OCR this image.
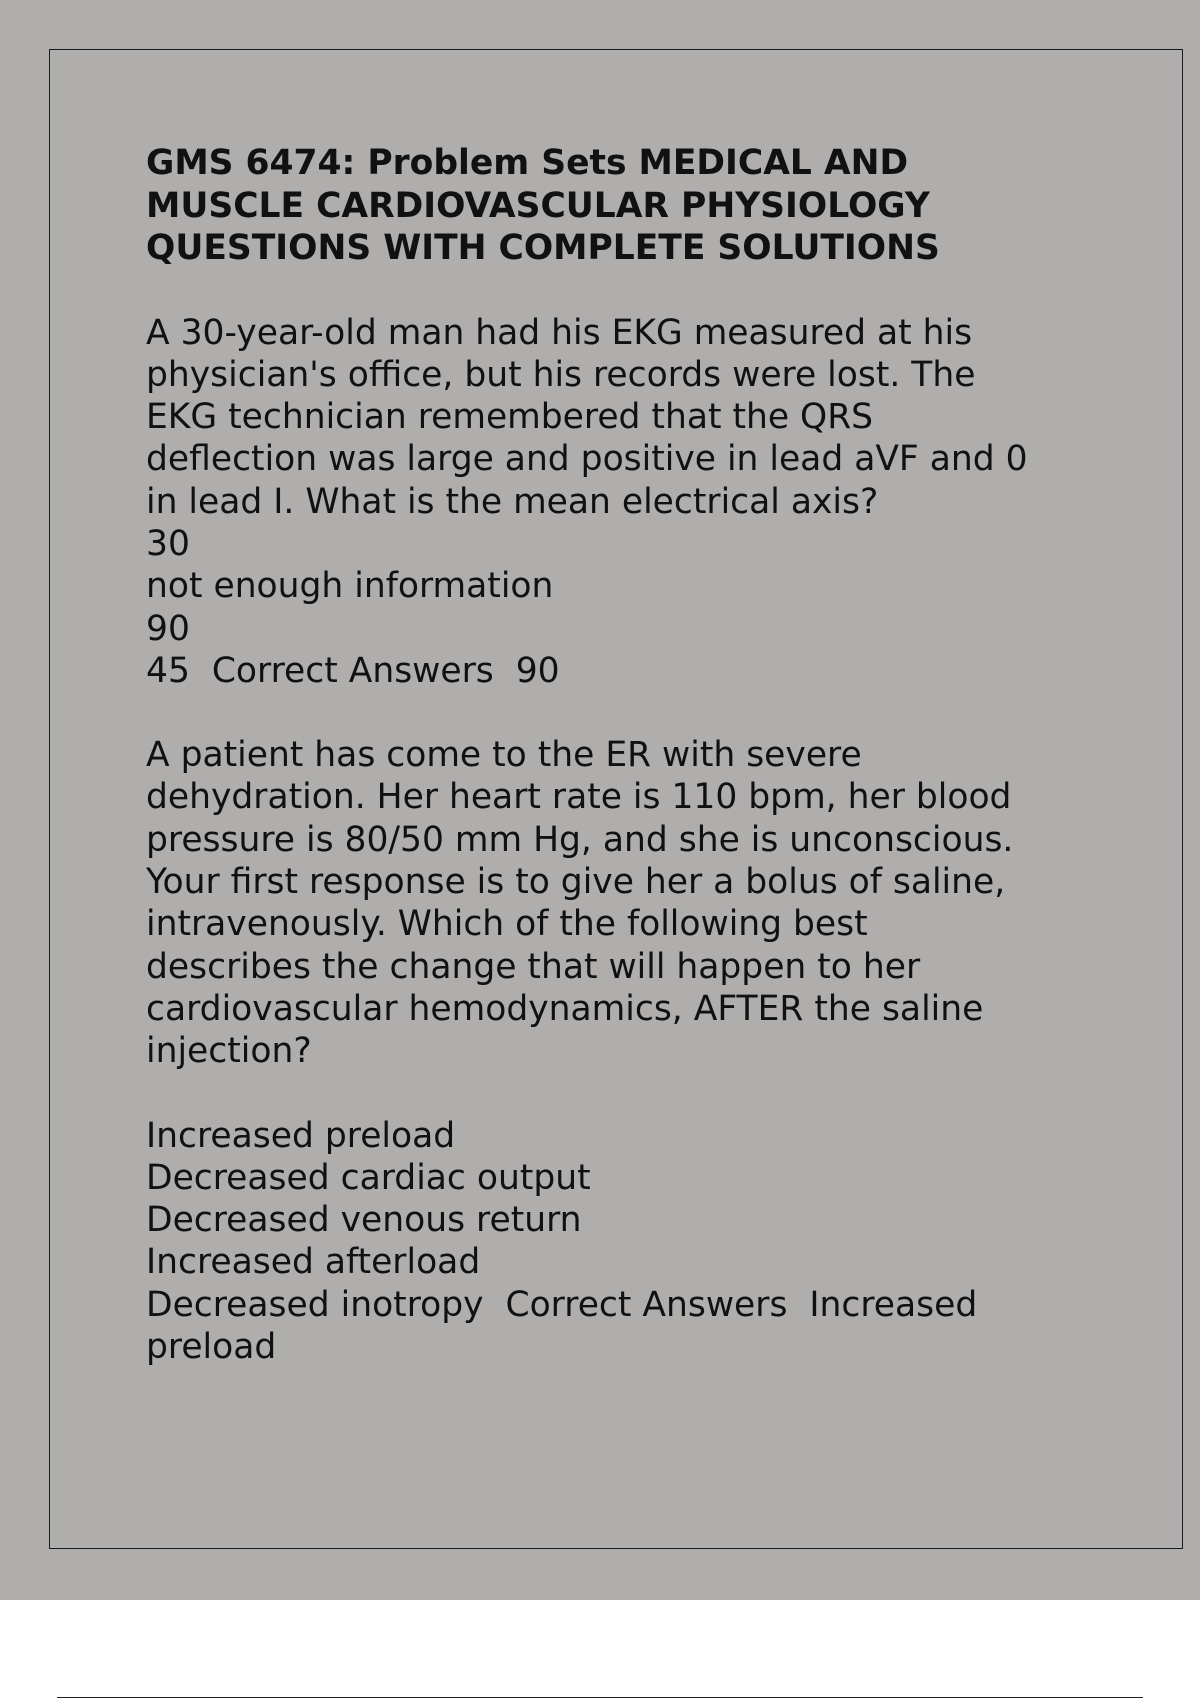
GMS 6474: Problem Sets MEDICAL AND
MUSCLE CARDIOVASCULAR PHYSIOLOGY
QUESTIONS WITH COMPLETE SOLUTIONS
A 30-year-old man had his EKG measured at his
physician's office, but his records were lost. The
EKG technician remembered that the QRS
deflection was large and positive in lead aVF and 0
in lead I. What is the mean electrical axis?
30
not enough information
90
45  Correct Answers  90
A patient has come to the ER with severe
dehydration. Her heart rate is 110 bpm, her blood
pressure is 80/50 mm Hg, and she is unconscious.
Your first response is to give her a bolus of saline,
intravenously. Which of the following best
describes the change that will happen to her
cardiovascular hemodynamics, AFTER the saline
injection?
Increased preload
Decreased cardiac output
Decreased venous return
Increased afterload
Decreased inotropy  Correct Answers  Increased
preload
